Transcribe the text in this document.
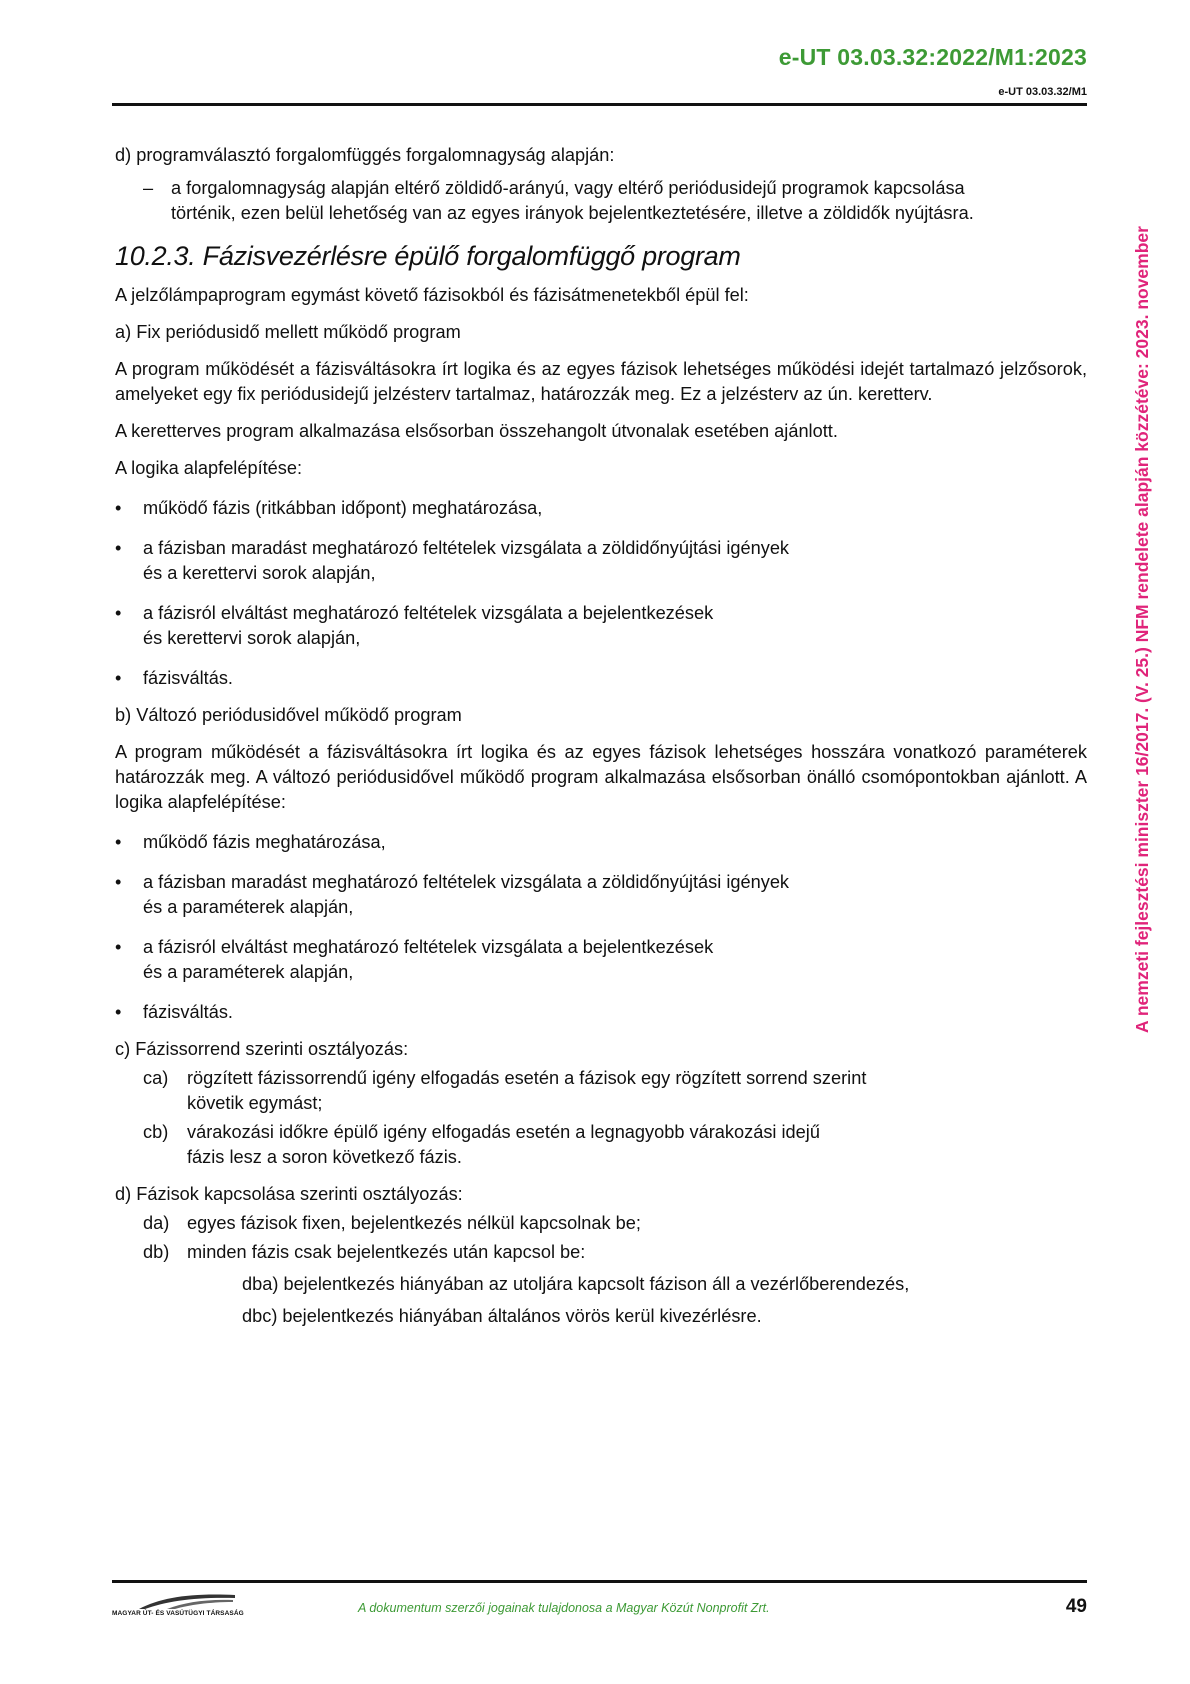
e-UT 03.03.32:2022/M1:2023
e-UT 03.03.32/M1
A nemzeti fejlesztési miniszter 16/2017. (V. 25.) NFM rendelete alapján közzétéve: 2023. november

d) programválasztó forgalomfüggés forgalomnagyság alapján:

– a forgalomnagyság alapján eltérő zöldidő-arányú, vagy eltérő periódusidejű programok kapcsolása történik, ezen belül lehetőség van az egyes irányok bejelentkeztetésére, illetve a zöldidők nyújtásra.

10.2.3. Fázisvezérlésre épülő forgalomfüggő program

A jelzőlámpaprogram egymást követő fázisokból és fázisátmenetekből épül fel:

a) Fix periódusidő mellett működő program

A program működését a fázisváltásokra írt logika és az egyes fázisok lehetséges működési idejét tartalmazó jelzősorok, amelyeket egy fix periódusidejű jelzésterv tartalmaz, határozzák meg. Ez a jelzésterv az ún. keretterv.

A keretterves program alkalmazása elsősorban összehangolt útvonalak esetében ajánlott.

A logika alapfelépítése:

• működő fázis (ritkábban időpont) meghatározása,
• a fázisban maradást meghatározó feltételek vizsgálata a zöldidőnyújtási igények
és a kerettervi sorok alapján,
• a fázisról elváltást meghatározó feltételek vizsgálata a bejelentkezések
és kerettervi sorok alapján,
• fázisváltás.

b) Változó periódusidővel működő program

A program működését a fázisváltásokra írt logika és az egyes fázisok lehetséges hosszára vonatkozó paraméterek határozzák meg. A változó periódusidővel működő program alkalmazása elsősorban önálló csomópontokban ajánlott. A logika alapfelépítése:

• működő fázis meghatározása,
• a fázisban maradást meghatározó feltételek vizsgálata a zöldidőnyújtási igények
és a paraméterek alapján,
• a fázisról elváltást meghatározó feltételek vizsgálata a bejelentkezések
és a paraméterek alapján,
• fázisváltás.

c) Fázissorrend szerinti osztályozás:

ca) rögzített fázissorrendű igény elfogadás esetén a fázisok egy rögzített sorrend szerint
követik egymást;
cb) várakozási időkre épülő igény elfogadás esetén a legnagyobb várakozási idejű
fázis lesz a soron következő fázis.

d) Fázisok kapcsolása szerinti osztályozás:

da) egyes fázisok fixen, bejelentkezés nélkül kapcsolnak be;
db) minden fázis csak bejelentkezés után kapcsol be:
dba) bejelentkezés hiányában az utoljára kapcsolt fázison áll a vezérlőberendezés,
dbc) bejelentkezés hiányában általános vörös kerül kivezérlésre.
MAGYAR ÚT- ÉS VASÚTÜGYI TÁRSASÁG	A dokumentum szerzői jogainak tulajdonosa a Magyar Közút Nonprofit Zrt.	49
